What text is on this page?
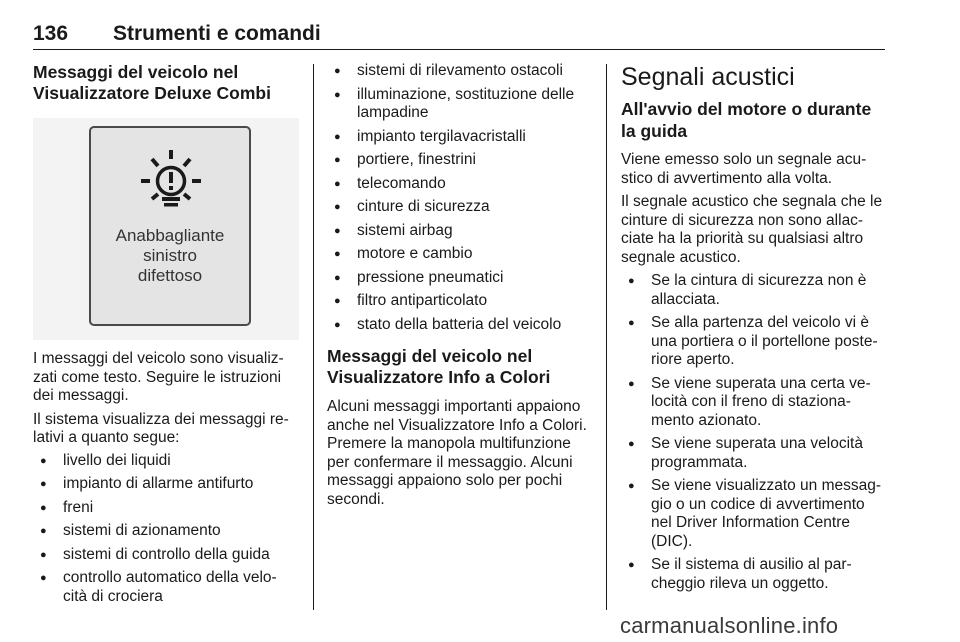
136 Strumenti e comandi
Messaggi del veicolo nel Visualizzatore Deluxe Combi
Anabbagliante
sinistro
difettoso

I messaggi del veicolo sono visualiz-zati come testo. Seguire le istruzioni dei messaggi.

Il sistema visualizza dei messaggi re-lativi a quanto segue:

● livello dei liquidi
● impianto di allarme antifurto
● freni
● sistemi di azionamento
● sistemi di controllo della guida
● controllo automatico della velo-cità di crociera
● sistemi di rilevamento ostacoli
● illuminazione, sostituzione delle lampadine
● impianto tergilavacristalli
● portiere, finestrini
● telecomando
● cinture di sicurezza
● sistemi airbag
● motore e cambio
● pressione pneumatici
● filtro antiparticolato
● stato della batteria del veicolo
Messaggi del veicolo nel Visualizzatore Info a Colori

Alcuni messaggi importanti appaiono anche nel Visualizzatore Info a Colori. Premere la manopola multifunzione per confermare il messaggio. Alcuni messaggi appaiono solo per pochi secondi.

Segnali acustici
All'avvio del motore o durante la guida

Viene emesso solo un segnale acu-stico di avvertimento alla volta.

Il segnale acustico che segnala che le cinture di sicurezza non sono allac-ciate ha la priorità su qualsiasi altro segnale acustico.

● Se la cintura di sicurezza non è allacciata.
● Se alla partenza del veicolo vi è una portiera o il portellone poste-riore aperto.
● Se viene superata una certa ve-locità con il freno di staziona-mento azionato.
● Se viene superata una velocità programmata.
● Se viene visualizzato un messag-gio o un codice di avvertimento nel Driver Information Centre (DIC).
● Se il sistema di ausilio al par-cheggio rileva un oggetto.
carmanualsonline.info
